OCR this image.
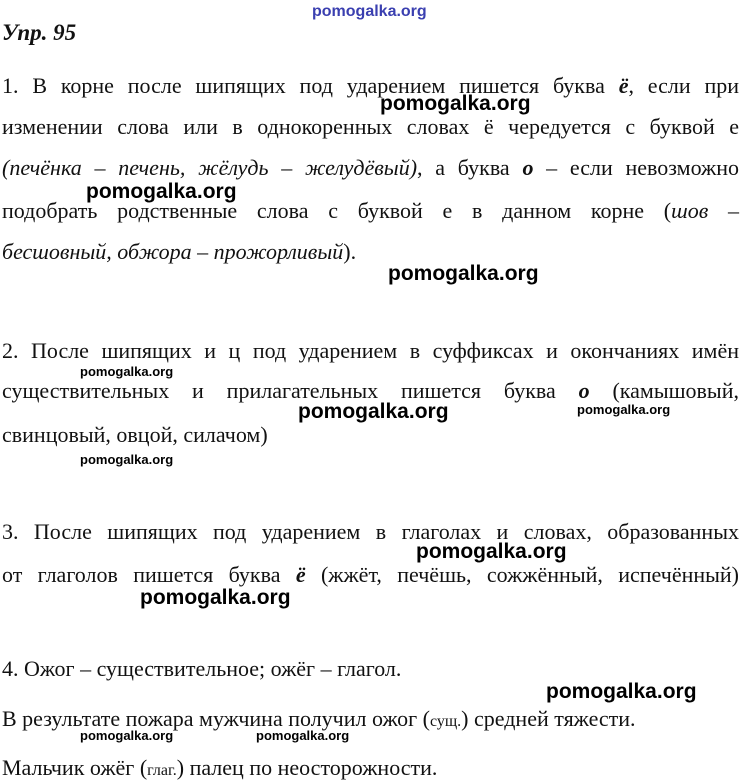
pomogalka.org
pomogalka.org
pomogalka.org
pomogalka.org
pomogalka.org
pomogalka.org	pomogalka.org
pomogalka.org
pomogalka.org
pomogalka.org
pomogalka.org
pomogalka.org	pomogalka.org
Упр. 95
1. В корне после шипящих под ударением пишется буква ё, если при
изменении слова или в однокоренных словах ё чередуется с буквой е
(печёнка – печень, жёлудь – желудёвый), а буква о – если невозможно
подобрать родственные слова с буквой е в данном корне (шов –
бесшовный, обжора – прожорливый).
2. После шипящих и ц под ударением в суффиксах и окончаниях имён
существительных и прилагательных пишется буква о (камышовый,
свинцовый, овцой, силачом)
3. После шипящих под ударением в глаголах и словах, образованных
от глаголов пишется буква ё (жжёт, печёшь, сожжённый, испечённый)
4. Ожог – существительное; ожёг – глагол.
В результате пожара мужчина получил ожог (сущ.) средней тяжести.
Мальчик ожёг (глаг.) палец по неосторожности.
